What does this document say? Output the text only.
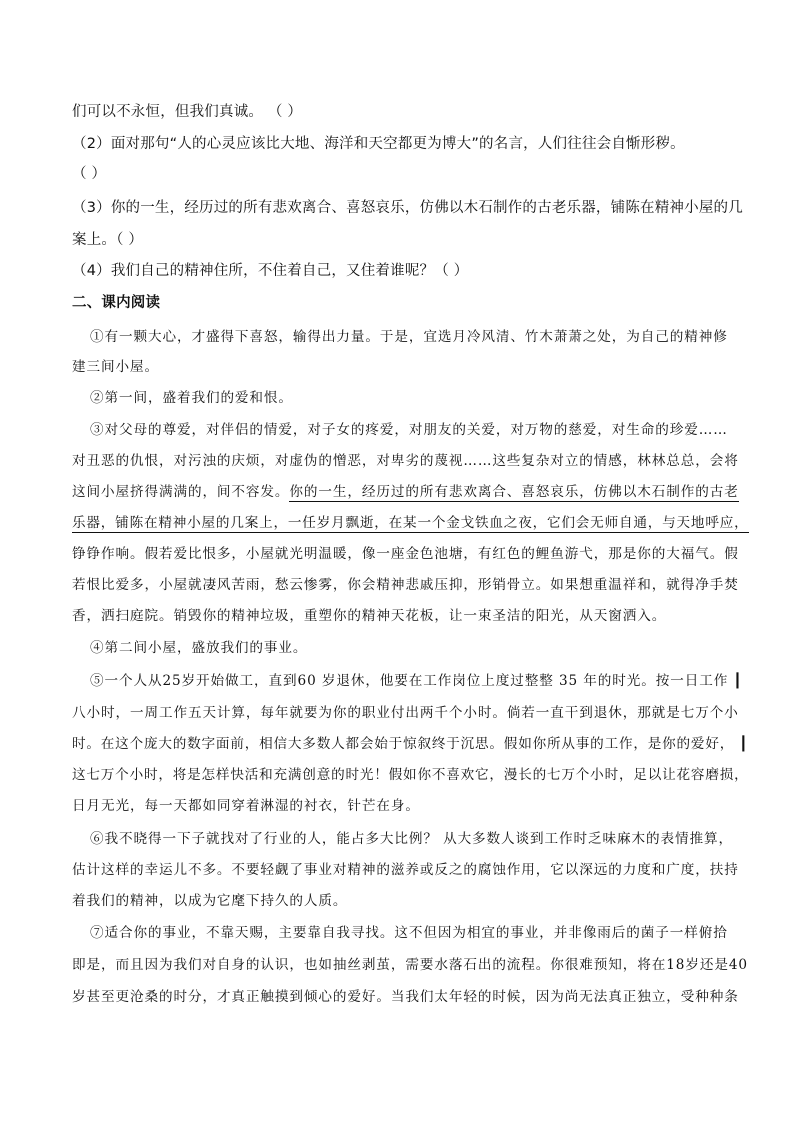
们可以不永恒，但我们真诚。 （ ）
（2）面对那句“人的心灵应该比大地、海洋和天空都更为博大”的名言，人们往往会自惭形秽。
（ ）
（3）你的一生，经历过的所有悲欢离合、喜怒哀乐，仿佛以木石制作的古老乐器，铺陈在精神小屋的几
案上。（ ）
（4）我们自己的精神住所，不住着自己，又住着谁呢？（ ）
二、课内阅读
①有一颗大心，才盛得下喜怒，输得出力量。于是，宜选月冷风清、竹木萧萧之处，为自己的精神修
建三间小屋。
②第一间，盛着我们的爱和恨。
③对父母的尊爱，对伴侣的情爱，对子女的疼爱，对朋友的关爱，对万物的慈爱，对生命的珍爱……
对丑恶的仇恨，对污浊的庆烦，对虚伪的憎恶，对卑劣的蔑视……这些复杂对立的情感，林林总总，会将
这间小屋挤得满满的，间不容发。你的一生，经历过的所有悲欢离合、喜怒哀乐，仿佛以木石制作的古老
乐器，铺陈在精神小屋的几案上，一任岁月飘逝，在某一个金戈铁血之夜，它们会无师自通，与天地呼应，
铮铮作响。假若爱比恨多，小屋就光明温暖，像一座金色池塘，有红色的鲤鱼游弋，那是你的大福气。假
若恨比爱多，小屋就凄风苦雨，愁云惨雾，你会精神悲戚压抑，形销骨立。如果想重温祥和，就得净手焚
香，洒扫庭院。销毁你的精神垃圾，重塑你的精神天花板，让一束圣洁的阳光，从天窗洒入。
④第二间小屋，盛放我们的事业。
⑤一个人从25岁开始做工，直到60 岁退休，他要在工作岗位上度过整整 35 年的时光。按一日工作 ┃
八小时，一周工作五天计算，每年就要为你的职业付出两千个小时。倘若一直干到退休，那就是七万个小
时。在这个庞大的数字面前，相信大多数人都会始于惊叙终于沉思。假如你所从事的工作，是你的爱好， ┃
这七万个小时，将是怎样快活和充满创意的时光！假如你不喜欢它，漫长的七万个小时，足以让花容磨损，
日月无光，每一天都如同穿着淋湿的衬衣，针芒在身。
⑥我不晓得一下子就找对了行业的人，能占多大比例？ 从大多数人谈到工作时乏味麻木的表情推算，
估计这样的幸运儿不多。不要轻觑了事业对精神的滋养或反之的腐蚀作用，它以深远的力度和广度，扶持
着我们的精神，以成为它麾下持久的人质。
⑦适合你的事业，不靠天赐，主要靠自我寻找。这不但因为相宜的事业，并非像雨后的菌子一样俯拾
即是，而且因为我们对自身的认识，也如抽丝剥茧，需要水落石出的流程。你很难预知，将在18岁还是40
岁甚至更沧桑的时分，才真正触摸到倾心的爱好。当我们太年轻的时候，因为尚无法真正独立，受种种条
